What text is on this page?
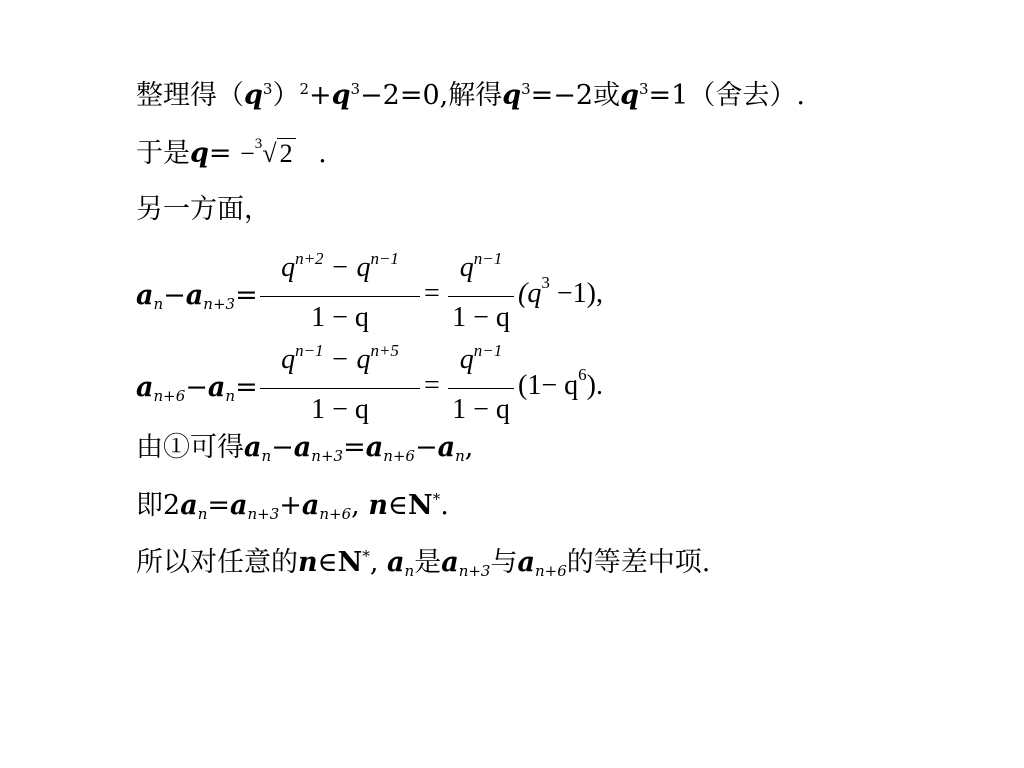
整理得$(q^3)^2+q^3-2=0$,解得$q^3=-2$或$q^3=1$（舍去）.
于是q= −$^3$√ 2 .
另一方面，
$a_n-a_{n+3}=$
$q^{n+2} - q^{n-1}$
1 − q
=
$q^{n-1}$
1 − q
$(q^3 -1)$,
$a_{n+6}-a_n=$
$q^{n-1} - q^{n+5}$
1 − q
=
$q^{n-1}$
1 − q
$(1- q^6)$.
由①可得$a_n-a_{n+3}=a_{n+6}-a_n$,
即$2a_n=a_{n+3}+a_{n+6}$, n∈N*.
所以对任意的n∈N*, $a_n$是$a_{n+3}$与$a_{n+6}$的等差中项.
